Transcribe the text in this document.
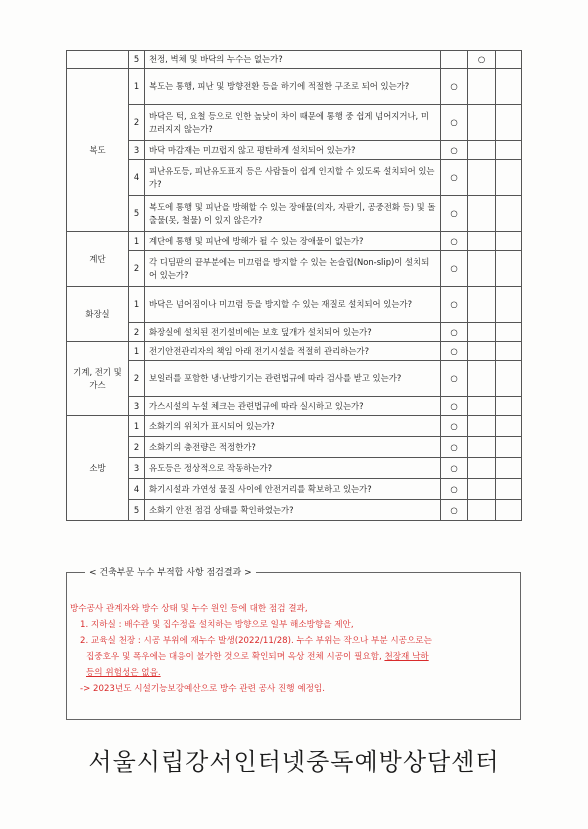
	5	천정, 벽체 및 바닥의 누수는 없는가?		○	
복도	1	복도는 통행, 피난 및 방향전환 등을 하기에 적절한 구조로 되어 있는가?	○		
	2	바닥은 턱, 요철 등으로 인한 높낮이 차이 때문에 통행 중 쉽게 넘어지거나, 미끄러지지 않는가?	○		
	3	바닥 마감재는 미끄럽지 않고 평탄하게 설치되어 있는가?	○		
	4	피난유도등, 피난유도표지 등은 사람들이 쉽게 인지할 수 있도록 설치되어 있는가?	○		
	5	복도에 통행 및 피난을 방해할 수 있는 장애물(의자, 자판기, 공중전화 등) 및 돌출물(못, 철물) 이 있지 않은가?	○		
계단	1	계단에 통행 및 피난에 방해가 될 수 있는 장애물이 없는가?	○		
	2	각 디딤판의 끝부분에는 미끄럼을 방지할 수 있는 논슬립(Non-slip)이 설치되어 있는가?	○		
화장실	1	바닥은 넘어짐이나 미끄럼 등을 방지할 수 있는 재질로 설치되어 있는가?	○		
	2	화장실에 설치된 전기설비에는 보호 덮개가 설치되어 있는가?	○		
기계, 전기 및 가스	1	전기안전관리자의 책임 아래 전기시설을 적절히 관리하는가?	○		
	2	보일러를 포함한 냉·난방기기는 관련법규에 따라 검사를 받고 있는가?	○		
	3	가스시설의 누설 체크는 관련법규에 따라 실시하고 있는가?	○		
소방	1	소화기의 위치가 표시되어 있는가?	○		
	2	소화기의 충전량은 적정한가?	○		
	3	유도등은 정상적으로 작동하는가?	○		
	4	화기시설과 가연성 물질 사이에 안전거리를 확보하고 있는가?	○		
	5	소화기 안전 점검 상태를 확인하였는가?	○		
< 건축부문 누수 부적합 사항 점검결과 >

방수공사 관계자와 방수 상태 및 누수 원인 등에 대한 점검 결과,

1. 지하실 : 배수관 및 집수정을 설치하는 방향으로 일부 해소방향을 제안,

2. 교육실 천장 : 시공 부위에 재누수 발생(2022/11/28). 누수 부위는 작으나 부분 시공으로는

집중호우 및 폭우에는 대응이 불가한 것으로 확인되며 옥상 전체 시공이 필요함, 천장재 낙하

등의 위험성은 없음.

-> 2023년도 시설기능보강예산으로 방수 관련 공사 진행 예정임.

서울시립강서인터넷중독예방상담센터
